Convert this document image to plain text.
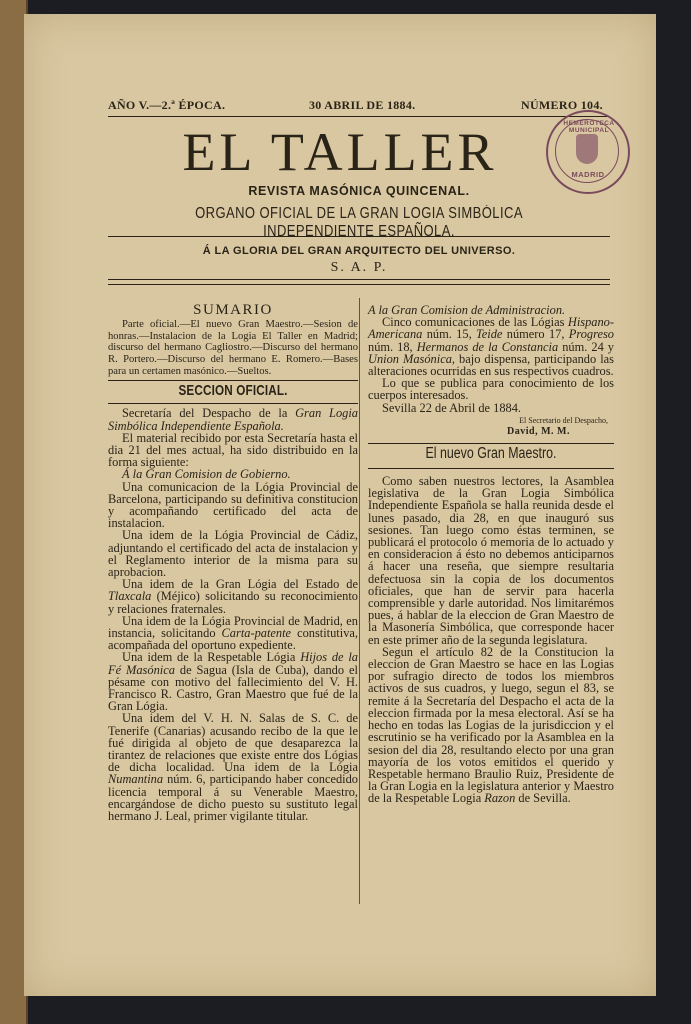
AÑO V.—2.ª ÉPOCA.	30 ABRIL DE 1884.	NÚMERO 104.
EL TALLER
REVISTA MASÓNICA QUINCENAL.
ORGANO OFICIAL DE LA GRAN LOGIA SIMBÓLICA INDEPENDIENTE ESPAÑOLA.
Á LA GLORIA DEL GRAN ARQUITECTO DEL UNIVERSO.
S. A. P.
HEMEROTECA MUNICIPAL
MADRID
SUMARIO

Parte oficial.—El nuevo Gran Maestro.—Sesion de honras.—Instalacion de la Logia El Taller en Madrid; discurso del hermano Cagliostro.—Discurso del hermano R. Portero.—Discurso del hermano E. Romero.—Bases para un certamen masónico.—Sueltos.

SECCION OFICIAL.

Secretaría del Despacho de la Gran Logia Simbólica Independiente Española.

El material recibido por esta Secretaría hasta el dia 21 del mes actual, ha sido distribuido en la forma siguiente:

Á la Gran Comision de Gobierno.

Una comunicacion de la Lógia Provincial de Barcelona, participando su definitiva constitucion y acompañando certificado del acta de instalacion.

Una idem de la Lógia Provincial de Cádiz, adjuntando el certificado del acta de instalacion y el Reglamento interior de la misma para su aprobacion.

Una idem de la Gran Lógia del Estado de Tlaxcala (Méjico) solicitando su reconocimiento y relaciones fraternales.

Una idem de la Lógia Provincial de Madrid, en instancia, solicitando Carta-patente constitutiva, acompañada del oportuno expediente.

Una idem de la Respetable Lógia Hijos de la Fé Masónica de Sagua (Isla de Cuba), dando el pésame con motivo del fallecimiento del V. H. Francisco R. Castro, Gran Maestro que fué de la Gran Lógia.

Una idem del V. H. N. Salas de S. C. de Tenerife (Canarias) acusando recibo de la que le fué dirigida al objeto de que desaparezca la tirantez de relaciones que existe entre dos Lógias de dicha localidad. Una idem de la Lógia Numantina núm. 6, participando haber concedido licencia temporal á su Venerable Maestro, encargándose de dicho puesto su sustituto legal hermano J. Leal, primer vigilante titular.

A la Gran Comision de Administracion.

Cinco comunicaciones de las Lógias Hispano-Americana núm. 15, Teide número 17, Progreso núm. 18, Hermanos de la Constancia núm. 24 y Union Masónica, bajo dispensa, participando las alteraciones ocurridas en sus respectivos cuadros.

Lo que se publica para conocimiento de los cuerpos interesados.

Sevilla 22 de Abril de 1884.

El Secretario del Despacho,
David, M. M.
El nuevo Gran Maestro.

Como saben nuestros lectores, la Asamblea legislativa de la Gran Logia Simbólica Independiente Española se halla reunida desde el lunes pasado, dia 28, en que inauguró sus sesiones. Tan luego como éstas terminen, se publicará el protocolo ó memoria de lo actuado y en consideracion á ésto no debemos anticiparnos á hacer una reseña, que siempre resultaria defectuosa sin la copia de los documentos oficiales, que han de servir para hacerla comprensible y darle autoridad. Nos limitarémos pues, á hablar de la eleccion de Gran Maestro de la Masonería Simbólica, que corresponde hacer en este primer año de la segunda legislatura.

Segun el artículo 82 de la Constitucion la eleccion de Gran Maestro se hace en las Logias por sufragio directo de todos los miembros activos de sus cuadros, y luego, segun el 83, se remite á la Secretaría del Despacho el acta de la eleccion firmada por la mesa electoral. Así se ha hecho en todas las Logias de la jurisdiccion y el escrutinio se ha verificado por la Asamblea en la sesion del dia 28, resultando electo por una gran mayoría de los votos emitidos el querido y Respetable hermano Braulio Ruiz, Presidente de la Gran Logia en la legislatura anterior y Maestro de la Respetable Logia Razon de Sevilla.
